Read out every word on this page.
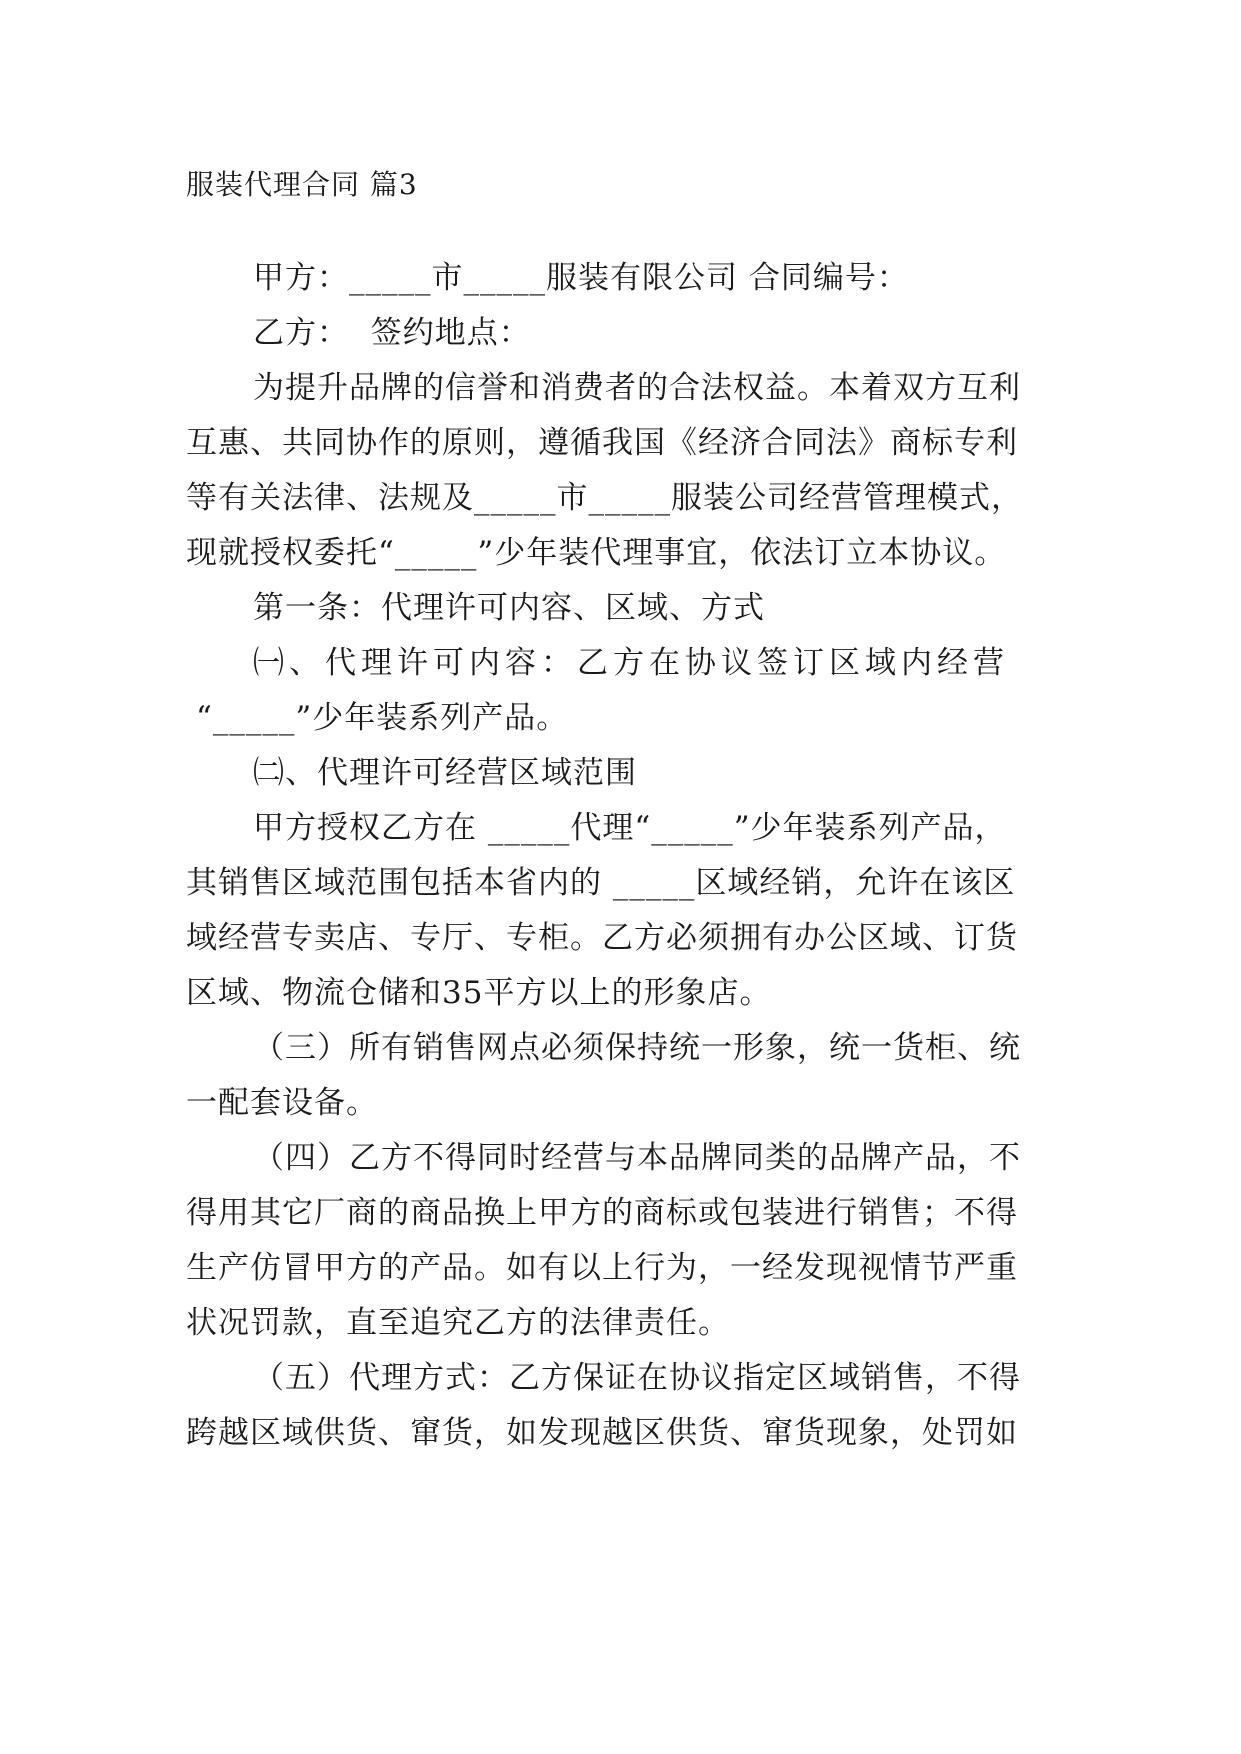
服装代理合同 篇3
甲方：_____市_____服装有限公司 合同编号：
乙方：  签约地点：
为提升品牌的信誉和消费者的合法权益。本着双方互利
互惠、共同协作的原则，遵循我国《经济合同法》商标专利
等有关法律、法规及_____市_____服装公司经营管理模式，
现就授权委托“_____”少年装代理事宜，依法订立本协议。
第一条：代理许可内容、区域、方式
㈠、代理许可内容：乙方在协议签订区域内经营
“_____”少年装系列产品。
㈡、代理许可经营区域范围
甲方授权乙方在 _____代理“_____”少年装系列产品，
其销售区域范围包括本省内的 _____区域经销，允许在该区
域经营专卖店、专厅、专柜。乙方必须拥有办公区域、订货
区域、物流仓储和35平方以上的形象店。
（三）所有销售网点必须保持统一形象，统一货柜、统
一配套设备。
（四）乙方不得同时经营与本品牌同类的品牌产品，不
得用其它厂商的商品换上甲方的商标或包装进行销售；不得
生产仿冒甲方的产品。如有以上行为，一经发现视情节严重
状况罚款，直至追究乙方的法律责任。
（五）代理方式：乙方保证在协议指定区域销售，不得
跨越区域供货、窜货，如发现越区供货、窜货现象，处罚如
